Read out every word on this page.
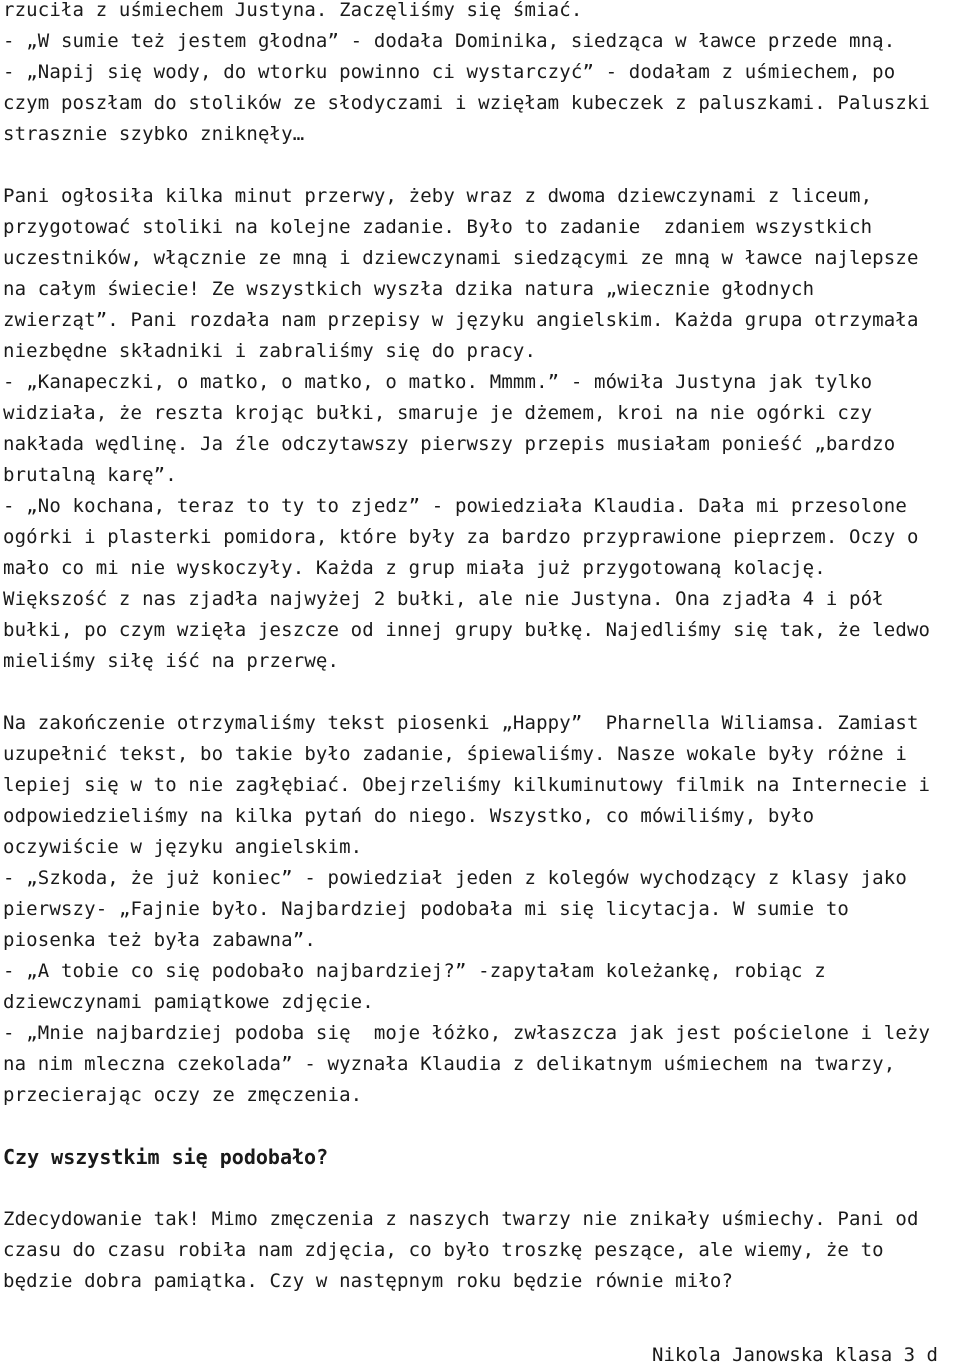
rzuciła z uśmiechem Justyna. Zaczęliśmy się śmiać.
- „W sumie też jestem głodna” - dodała Dominika, siedząca w ławce przede mną.
- „Napij się wody, do wtorku powinno ci wystarczyć” - dodałam z uśmiechem, po
czym poszłam do stolików ze słodyczami i wzięłam kubeczek z paluszkami. Paluszki
strasznie szybko zniknęły…
Pani ogłosiła kilka minut przerwy, żeby wraz z dwoma dziewczynami z liceum,
przygotować stoliki na kolejne zadanie. Było to zadanie  zdaniem wszystkich
uczestników, włącznie ze mną i dziewczynami siedzącymi ze mną w ławce najlepsze
na całym świecie! Ze wszystkich wyszła dzika natura „wiecznie głodnych
zwierząt”. Pani rozdała nam przepisy w języku angielskim. Każda grupa otrzymała
niezbędne składniki i zabraliśmy się do pracy.
- „Kanapeczki, o matko, o matko, o matko. Mmmm.” - mówiła Justyna jak tylko
widziała, że reszta krojąc bułki, smaruje je dżemem, kroi na nie ogórki czy
nakłada wędlinę. Ja źle odczytawszy pierwszy przepis musiałam ponieść „bardzo
brutalną karę”.
- „No kochana, teraz to ty to zjedz” - powiedziała Klaudia. Dała mi przesolone
ogórki i plasterki pomidora, które były za bardzo przyprawione pieprzem. Oczy o
mało co mi nie wyskoczyły. Każda z grup miała już przygotowaną kolację.
Większość z nas zjadła najwyżej 2 bułki, ale nie Justyna. Ona zjadła 4 i pół
bułki, po czym wzięła jeszcze od innej grupy bułkę. Najedliśmy się tak, że ledwo
mieliśmy siłę iść na przerwę.
Na zakończenie otrzymaliśmy tekst piosenki „Happy”  Pharnella Wiliamsa. Zamiast
uzupełnić tekst, bo takie było zadanie, śpiewaliśmy. Nasze wokale były różne i
lepiej się w to nie zagłębiać. Obejrzeliśmy kilkuminutowy filmik na Internecie i
odpowiedzieliśmy na kilka pytań do niego. Wszystko, co mówiliśmy, było
oczywiście w języku angielskim.
- „Szkoda, że już koniec” - powiedział jeden z kolegów wychodzący z klasy jako
pierwszy- „Fajnie było. Najbardziej podobała mi się licytacja. W sumie to
piosenka też była zabawna”.
- „A tobie co się podobało najbardziej?” -zapytałam koleżankę, robiąc z
dziewczynami pamiątkowe zdjęcie.
- „Mnie najbardziej podoba się  moje łóżko, zwłaszcza jak jest pościelone i leży
na nim mleczna czekolada” - wyznała Klaudia z delikatnym uśmiechem na twarzy,
przecierając oczy ze zmęczenia.
Czy wszystkim się podobało?
Zdecydowanie tak! Mimo zmęczenia z naszych twarzy nie znikały uśmiechy. Pani od
czasu do czasu robiła nam zdjęcia, co było troszkę peszące, ale wiemy, że to
będzie dobra pamiątka. Czy w następnym roku będzie równie miło?
Nikola Janowska klasa 3 d
